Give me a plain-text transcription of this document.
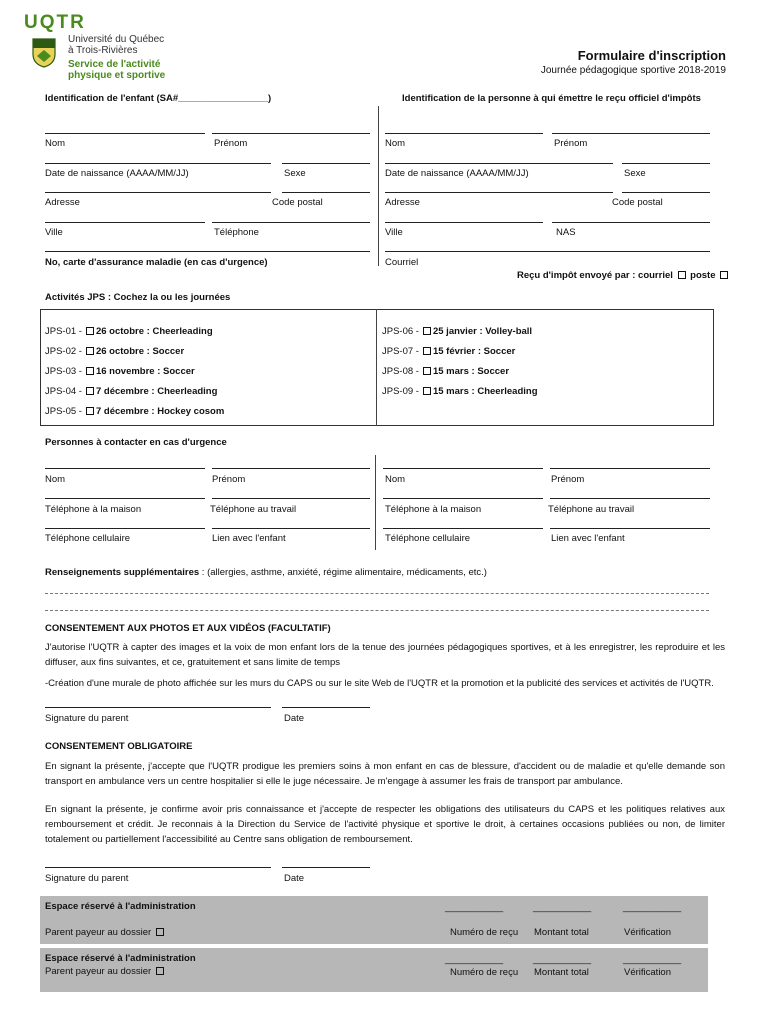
UQTR
Université du Québec
à Trois-Rivières
Service de l'activité
physique et sportive
Formulaire d'inscription
Journée pédagogique sportive 2018-2019
Identification de l'enfant (SA#_________________)	Identification de la personne à qui émettre le reçu officiel d'impôts
Nom	Prénom
Date de naissance (AAAA/MM/JJ)	Sexe
Adresse	Code postal
Ville	Téléphone
No, carte d'assurance maladie (en cas d'urgence)
Nom	Prénom
Date de naissance (AAAA/MM/JJ)	Sexe
Adresse	Code postal
Ville	NAS
Courriel
Reçu d'impôt envoyé par : courriel poste
Activités JPS : Cochez la ou les journées
JPS-01 - 26 octobre : Cheerleading
JPS-02 - 26 octobre : Soccer
JPS-03 - 16 novembre : Soccer
JPS-04 - 7 décembre : Cheerleading
JPS-05 - 7 décembre : Hockey cosom
JPS-06 - 25 janvier : Volley-ball
JPS-07 - 15 février : Soccer
JPS-08 - 15 mars : Soccer
JPS-09 - 15 mars : Cheerleading
Personnes à contacter en cas d'urgence
Nom	Prénom
Téléphone à la maison	Téléphone au travail
Téléphone cellulaire	Lien avec l'enfant
Nom	Prénom
Téléphone à la maison	Téléphone au travail
Téléphone cellulaire	Lien avec l'enfant
Renseignements supplémentaires : (allergies, asthme, anxiété, régime alimentaire, médicaments, etc.)
CONSENTEMENT AUX PHOTOS ET AUX VIDÉOS (FACULTATIF)
J'autorise l'UQTR à capter des images et la voix de mon enfant lors de la tenue des journées pédagogiques sportives, et à les enregistrer, les reproduire et les diffuser, aux fins suivantes, et ce, gratuitement et sans limite de temps
-Création d'une murale de photo affichée sur les murs du CAPS ou sur le site Web de l'UQTR et la promotion et la publicité des services et activités de l'UQTR.
Signature du parent	Date
CONSENTEMENT OBLIGATOIRE
En signant la présente, j'accepte que l'UQTR prodigue les premiers soins à mon enfant en cas de blessure, d'accident ou de maladie et qu'elle demande son transport en ambulance vers un centre hospitalier si elle le juge nécessaire. Je m'engage à assumer les frais de transport par ambulance.
En signant la présente, je confirme avoir pris connaissance et j'accepte de respecter les obligations des utilisateurs du CAPS et les politiques relatives aux remboursement et crédit. Je reconnais à la Direction du Service de l'activité physique et sportive le droit, à certaines occasions publiées ou non, de limiter totalement ou partiellement l'accessibilité au Centre sans obligation de remboursement.
Signature du parent	Date
Espace réservé à l'administration
Parent payeur au dossier
___________	___________	___________
Numéro de reçu Montant total	Vérification
Espace réservé à l'administration
Parent payeur au dossier
___________	___________	___________
Numéro de reçu Montant total	Vérification
